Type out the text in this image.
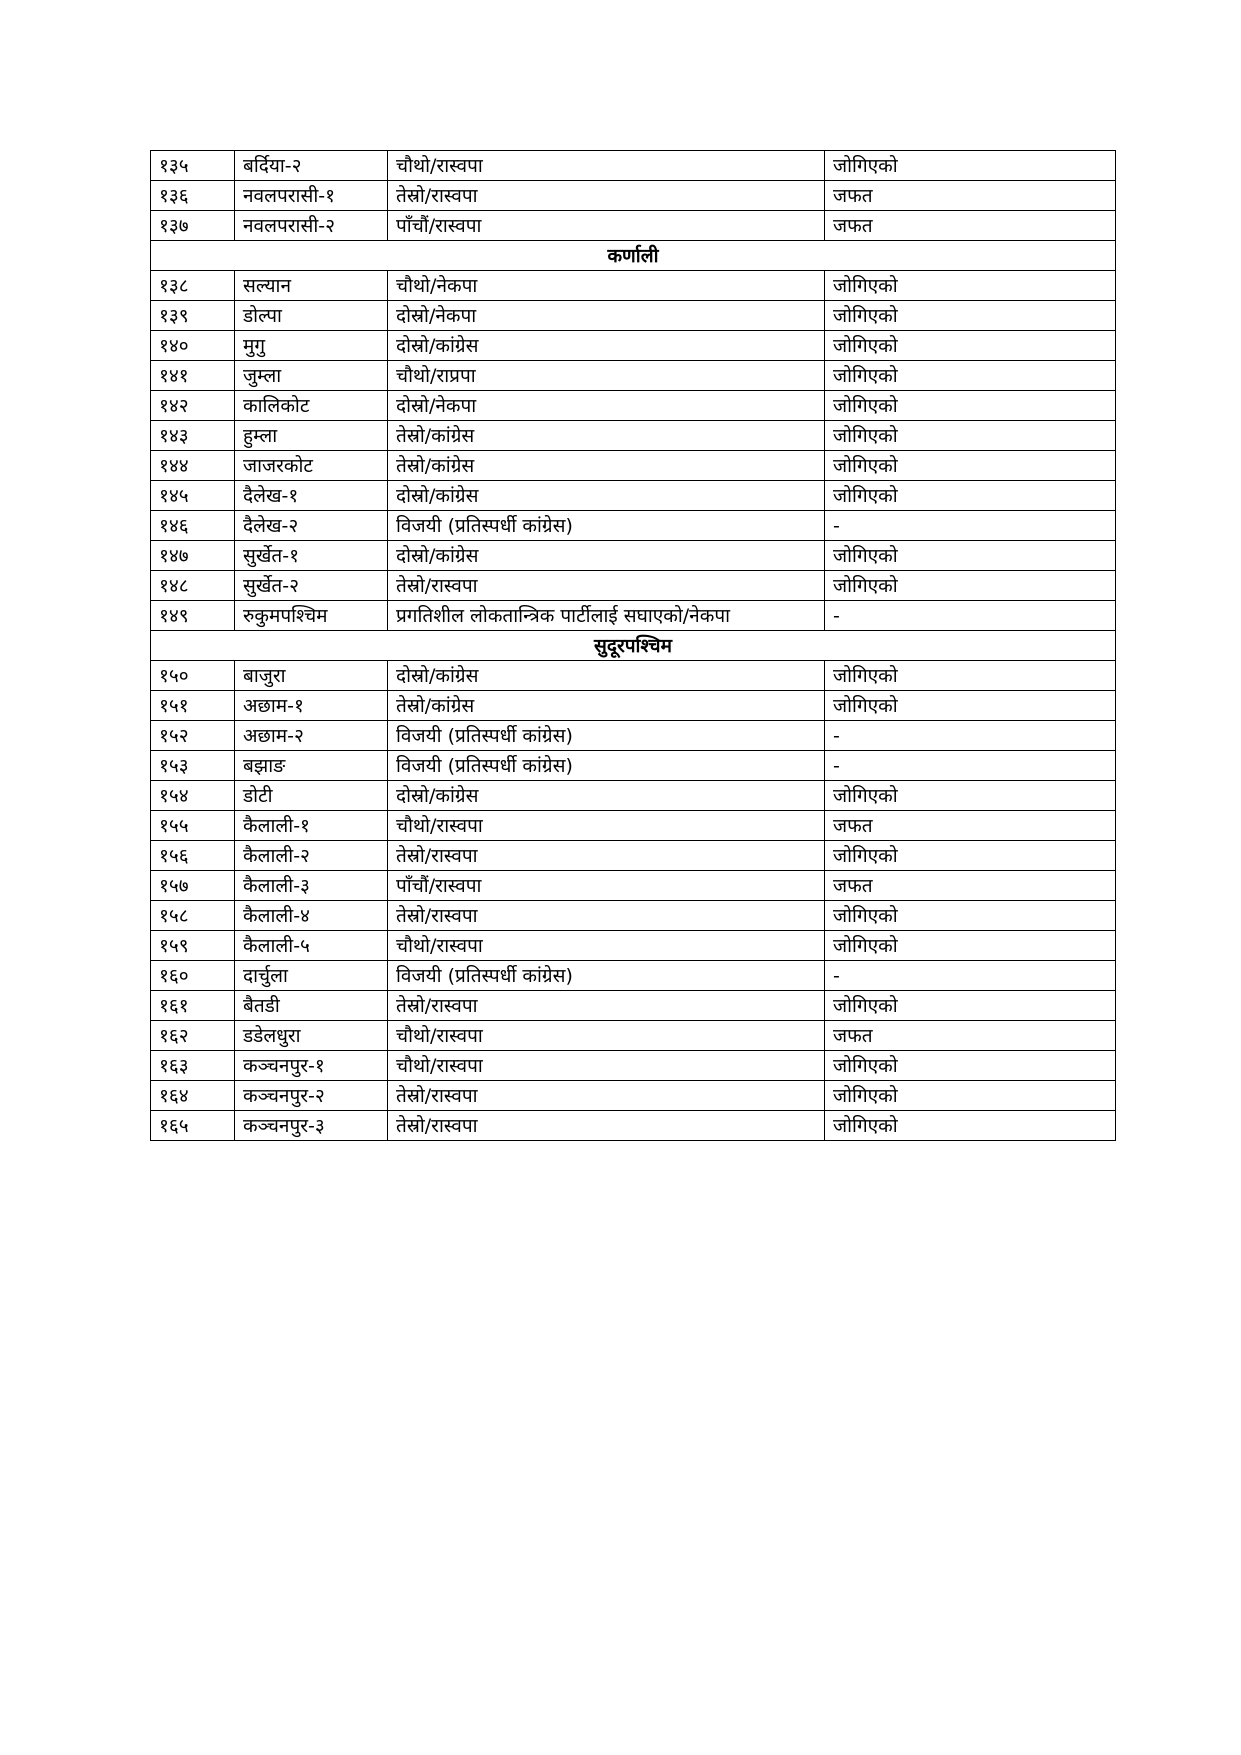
१३५	बर्दिया-२	चौथो/रास्वपा	जोगिएको
१३६	नवलपरासी-१	तेस्रो/रास्वपा	जफत
१३७	नवलपरासी-२	पाँचौं/रास्वपा	जफत
कर्णाली			
१३८	सल्यान	चौथो/नेकपा	जोगिएको
१३९	डोल्पा	दोस्रो/नेकपा	जोगिएको
१४०	मुगु	दोस्रो/कांग्रेस	जोगिएको
१४१	जुम्ला	चौथो/राप्रपा	जोगिएको
१४२	कालिकोट	दोस्रो/नेकपा	जोगिएको
१४३	हुम्ला	तेस्रो/कांग्रेस	जोगिएको
१४४	जाजरकोट	तेस्रो/कांग्रेस	जोगिएको
१४५	दैलेख-१	दोस्रो/कांग्रेस	जोगिएको
१४६	दैलेख-२	विजयी (प्रतिस्पर्धी कांग्रेस)	-
१४७	सुर्खेत-१	दोस्रो/कांग्रेस	जोगिएको
१४८	सुर्खेत-२	तेस्रो/रास्वपा	जोगिएको
१४९	रुकुमपश्चिम	प्रगतिशील लोकतान्त्रिक पार्टीलाई सघाएको/नेकपा	-
सुदूरपश्चिम			
१५०	बाजुरा	दोस्रो/कांग्रेस	जोगिएको
१५१	अछाम-१	तेस्रो/कांग्रेस	जोगिएको
१५२	अछाम-२	विजयी (प्रतिस्पर्धी कांग्रेस)	-
१५३	बझाङ	विजयी (प्रतिस्पर्धी कांग्रेस)	-
१५४	डोटी	दोस्रो/कांग्रेस	जोगिएको
१५५	कैलाली-१	चौथो/रास्वपा	जफत
१५६	कैलाली-२	तेस्रो/रास्वपा	जोगिएको
१५७	कैलाली-३	पाँचौं/रास्वपा	जफत
१५८	कैलाली-४	तेस्रो/रास्वपा	जोगिएको
१५९	कैलाली-५	चौथो/रास्वपा	जोगिएको
१६०	दार्चुला	विजयी (प्रतिस्पर्धी कांग्रेस)	-
१६१	बैतडी	तेस्रो/रास्वपा	जोगिएको
१६२	डडेलधुरा	चौथो/रास्वपा	जफत
१६३	कञ्चनपुर-१	चौथो/रास्वपा	जोगिएको
१६४	कञ्चनपुर-२	तेस्रो/रास्वपा	जोगिएको
१६५	कञ्चनपुर-३	तेस्रो/रास्वपा	जोगिएको
